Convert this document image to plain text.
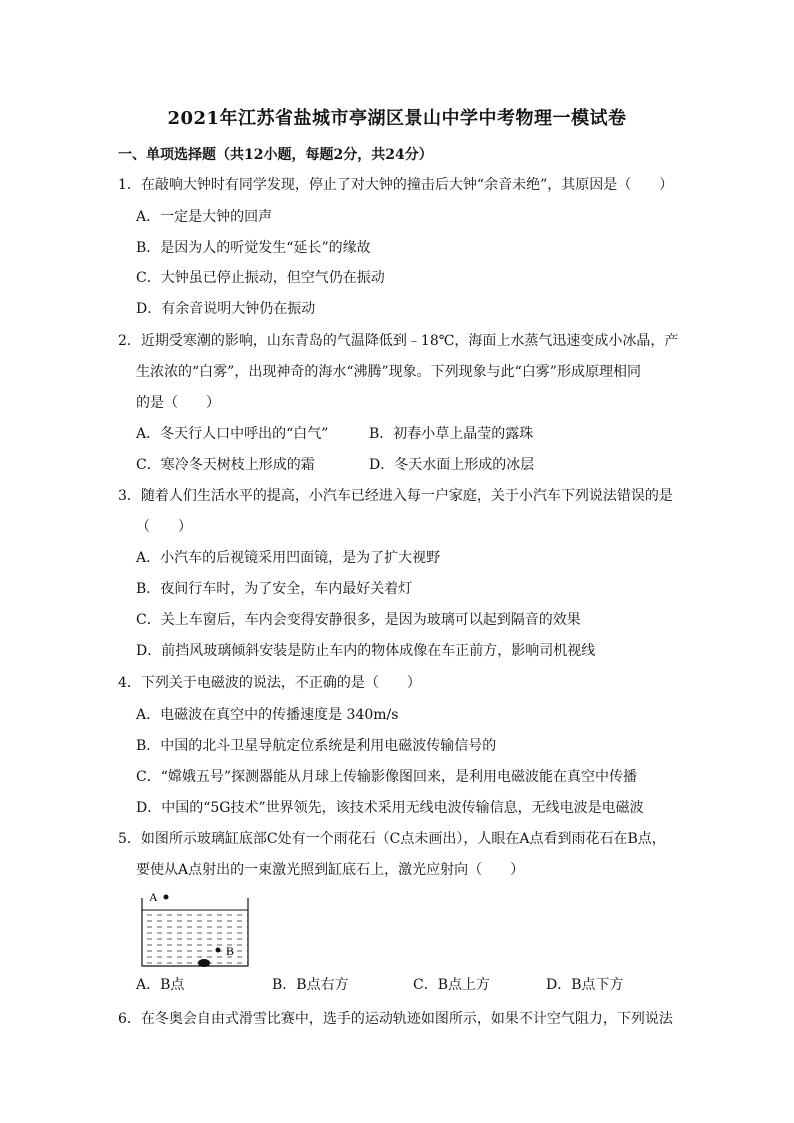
2021年江苏省盐城市亭湖区景山中学中考物理一模试卷
一、单项选择题（共12小题，每题2分，共24分）
1．在敲响大钟时有同学发现，停止了对大钟的撞击后大钟“余音未绝”，其原因是（　　）
A．一定是大钟的回声
B．是因为人的听觉发生“延长”的缘故
C．大钟虽已停止振动，但空气仍在振动
D．有余音说明大钟仍在振动
2．近期受寒潮的影响，山东青岛的气温降低到﹣18℃，海面上水蒸气迅速变成小冰晶，产
生浓浓的“白雾”，出现神奇的海水“沸腾”现象。下列现象与此“白雾”形成原理相同
的是（　　）
A．冬天行人口中呼出的“白气”	B．初春小草上晶莹的露珠
C．寒冷冬天树枝上形成的霜	D．冬天水面上形成的冰层
3．随着人们生活水平的提高，小汽车已经进入每一户家庭，关于小汽车下列说法错误的是
（　　）
A．小汽车的后视镜采用凹面镜，是为了扩大视野
B．夜间行车时，为了安全，车内最好关着灯
C．关上车窗后，车内会变得安静很多，是因为玻璃可以起到隔音的效果
D．前挡风玻璃倾斜安装是防止车内的物体成像在车正前方，影响司机视线
4．下列关于电磁波的说法，不正确的是（　　）
A．电磁波在真空中的传播速度是 340m/s
B．中国的北斗卫星导航定位系统是利用电磁波传输信号的
C．“嫦娥五号”探测器能从月球上传输影像图回来，是利用电磁波能在真空中传播
D．中国的“5G技术”世界领先，该技术采用无线电波传输信息，无线电波是电磁波
5．如图所示玻璃缸底部C处有一个雨花石（C点未画出），人眼在A点看到雨花石在B点，
要使从A点射出的一束激光照到缸底石上，激光应射向（　　）
A
B
A．B点	B．B点右方	C．B点上方	D．B点下方
6．在冬奥会自由式滑雪比赛中，选手的运动轨迹如图所示，如果不计空气阻力，下列说法
